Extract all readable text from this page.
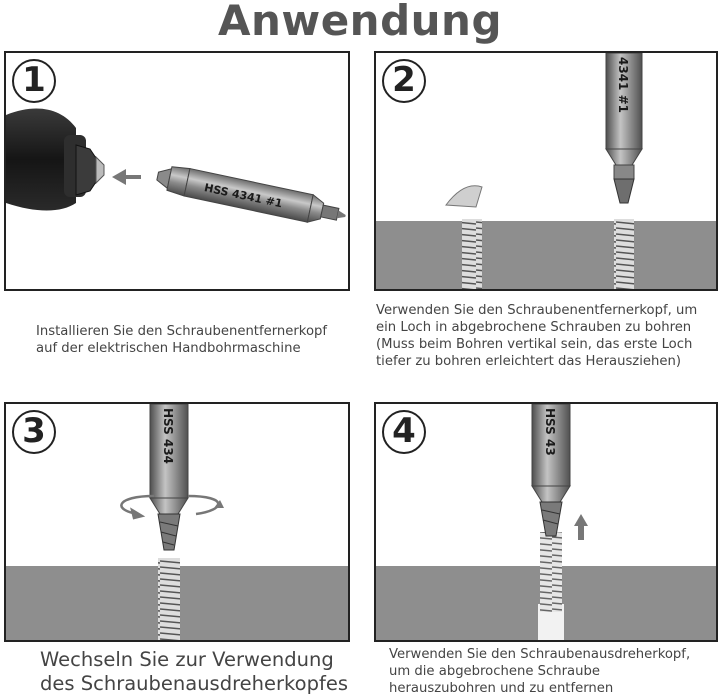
Anwendung
HSS 4341 #1
1
Installieren Sie den Schraubenentfernerkopf
auf der elektrischen Handbohrmaschine
4341 #1
2
Verwenden Sie den Schraubenentfernerkopf, um
ein Loch in abgebrochene Schrauben zu bohren
(Muss beim Bohren vertikal sein, das erste Loch
tiefer zu bohren erleichtert das Herausziehen)
HSS 434
3
Wechseln Sie zur Verwendung
des Schraubenausdreherkopfes
HSS 43
4
Verwenden Sie den Schraubenausdreherkopf,
um die abgebrochene Schraube
herauszubohren und zu entfernen
